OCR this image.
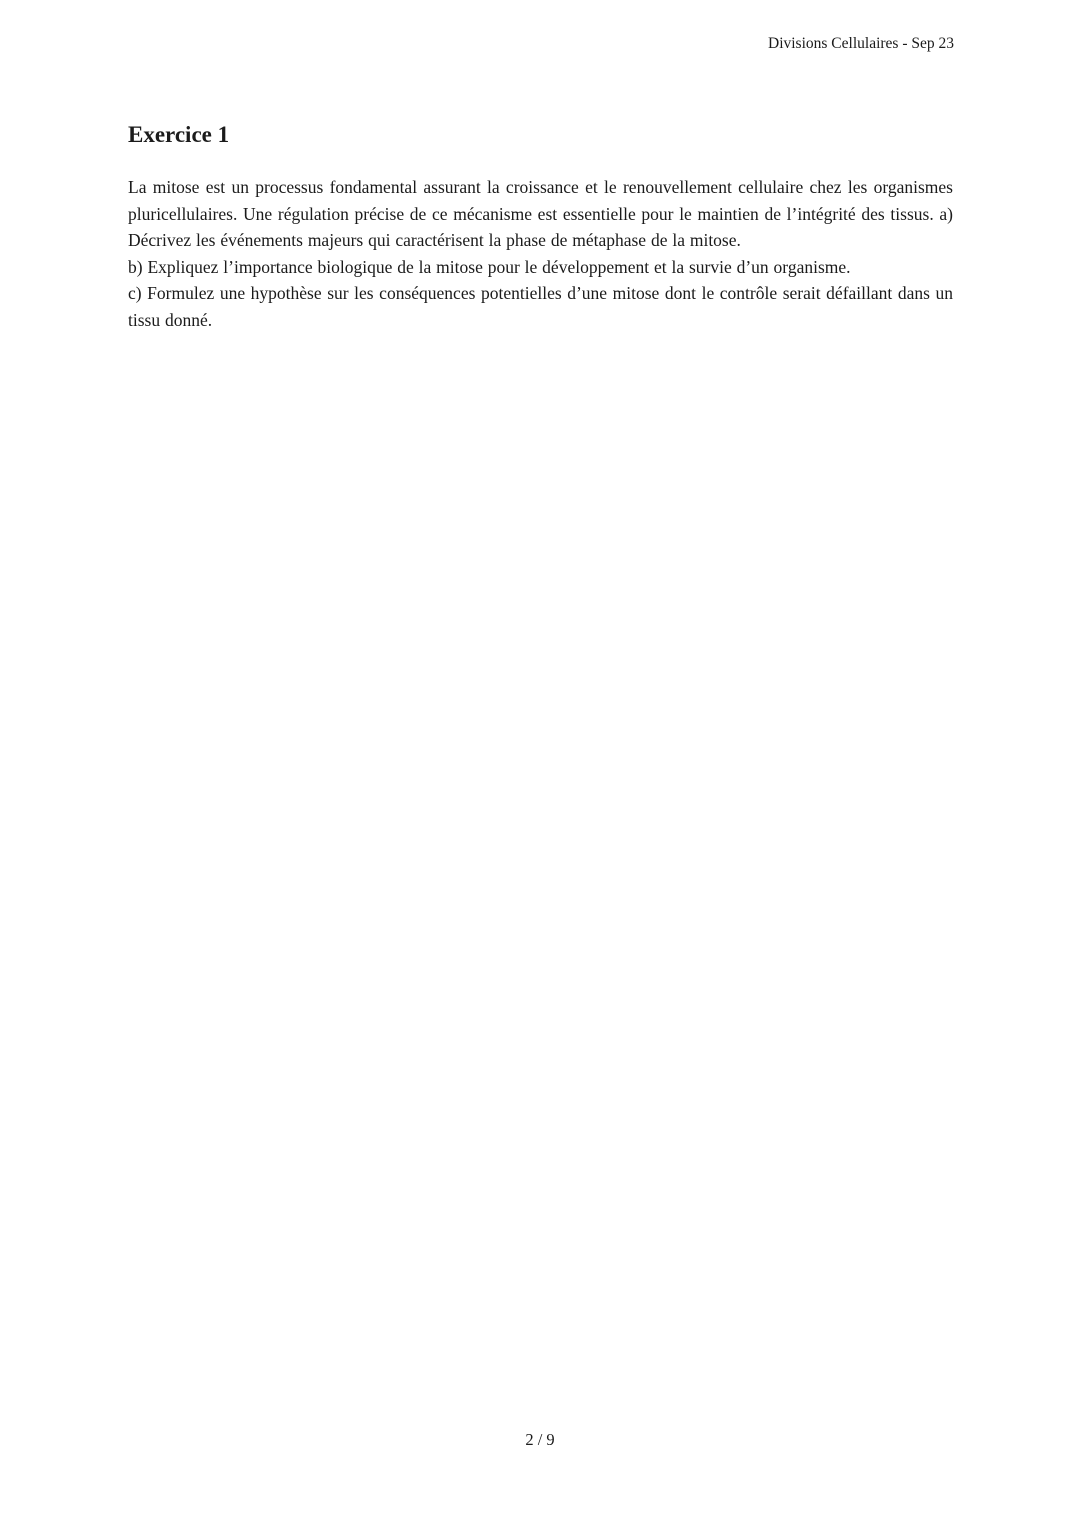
Divisions Cellulaires - Sep 23
Exercice 1

La mitose est un processus fondamental assurant la croissance et le renouvellement cellulaire chez les organismes pluricellulaires. Une régulation précise de ce mécanisme est essentielle pour le maintien de l’intégrité des tissus. a) Décrivez les événements majeurs qui caractérisent la phase de métaphase de la mitose.

b) Expliquez l’importance biologique de la mitose pour le développement et la survie d’un organisme.

c) Formulez une hypothèse sur les conséquences potentielles d’une mitose dont le contrôle serait défaillant dans un tissu donné.

2 / 9
